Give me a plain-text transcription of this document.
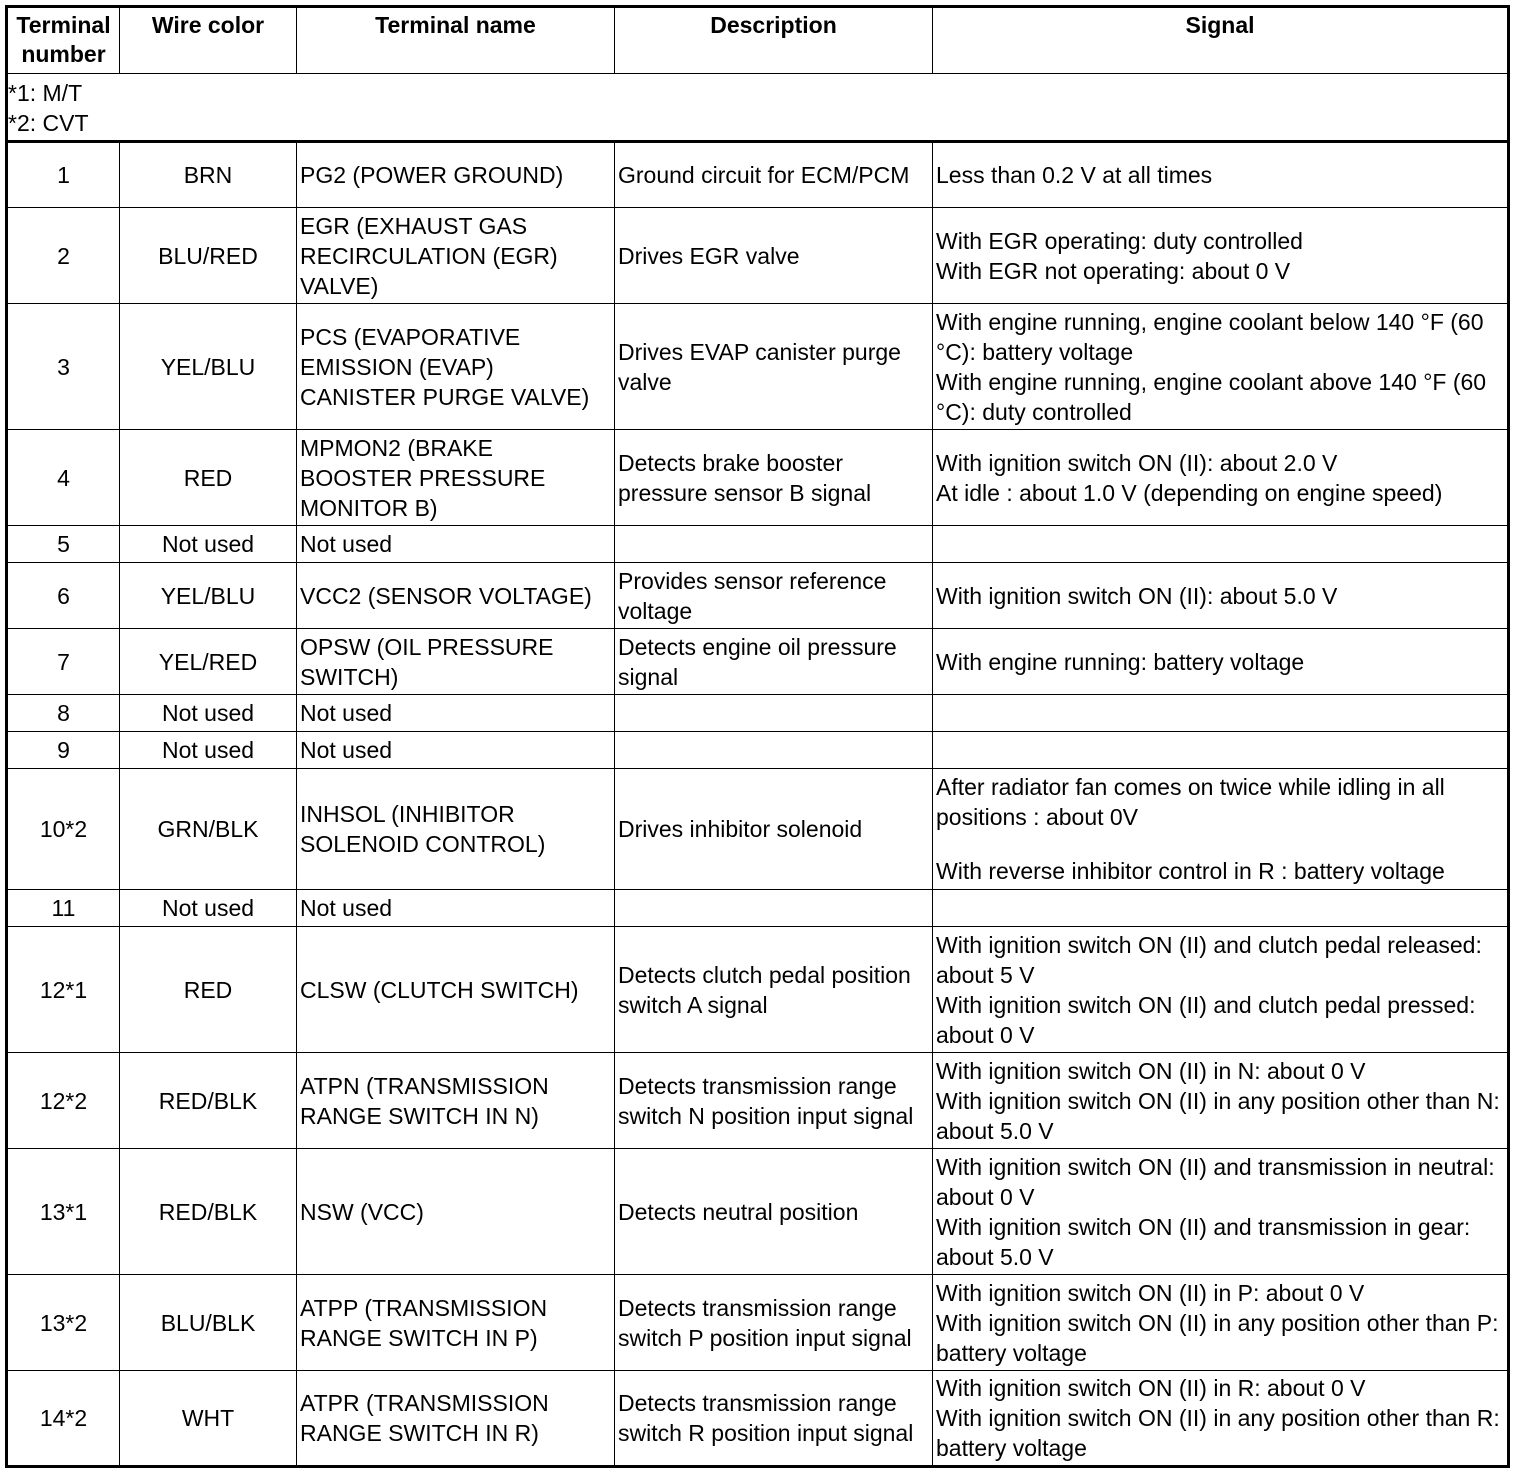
Terminal number	Wire color	Terminal name	Description	Signal

*1: M/T
*2: CVT				

1	BRN	PG2 (POWER GROUND)	Ground circuit for ECM/PCM	Less than 0.2 V at all times

2	BLU/RED	EGR (EXHAUST GAS RECIRCULATION (EGR) VALVE)	Drives EGR valve	With EGR operating: duty controlled
With EGR not operating: about 0 V

3	YEL/BLU	PCS (EVAPORATIVE EMISSION (EVAP) CANISTER PURGE VALVE)	Drives EVAP canister purge valve	With engine running, engine coolant below 140 °F (60 °C): battery voltage
With engine running, engine coolant above 140 °F (60 °C): duty controlled

4	RED	MPMON2 (BRAKE BOOSTER PRESSURE MONITOR B)	Detects brake booster pressure sensor B signal	With ignition switch ON (II): about 2.0 V
At idle : about 1.0 V (depending on engine speed)

5	Not used	Not used		
6	YEL/BLU	VCC2 (SENSOR VOLTAGE)	Provides sensor reference voltage	With ignition switch ON (II): about 5.0 V

7	YEL/RED	OPSW (OIL PRESSURE SWITCH)	Detects engine oil pressure signal	With engine running: battery voltage

8	Not used	Not used		
9	Not used	Not used		
10*2	GRN/BLK	INHSOL (INHIBITOR SOLENOID CONTROL)	Drives inhibitor solenoid	After radiator fan comes on twice while idling in all positions : about 0V
With reverse inhibitor control in R : battery voltage

11	Not used	Not used		
12*1	RED	CLSW (CLUTCH SWITCH)	Detects clutch pedal position switch A signal	With ignition switch ON (II) and clutch pedal released: about 5 V
With ignition switch ON (II) and clutch pedal pressed: about 0 V

12*2	RED/BLK	ATPN (TRANSMISSION RANGE SWITCH IN N)	Detects transmission range switch N position input signal	With ignition switch ON (II) in N: about 0 V
With ignition switch ON (II) in any position other than N: about 5.0 V

13*1	RED/BLK	NSW (VCC)	Detects neutral position	With ignition switch ON (II) and transmission in neutral: about 0 V
With ignition switch ON (II) and transmission in gear: about 5.0 V

13*2	BLU/BLK	ATPP (TRANSMISSION RANGE SWITCH IN P)	Detects transmission range switch P position input signal	With ignition switch ON (II) in P: about 0 V
With ignition switch ON (II) in any position other than P: battery voltage

14*2	WHT	ATPR (TRANSMISSION RANGE SWITCH IN R)	Detects transmission range switch R position input signal	With ignition switch ON (II) in R: about 0 V
With ignition switch ON (II) in any position other than R: battery voltage
